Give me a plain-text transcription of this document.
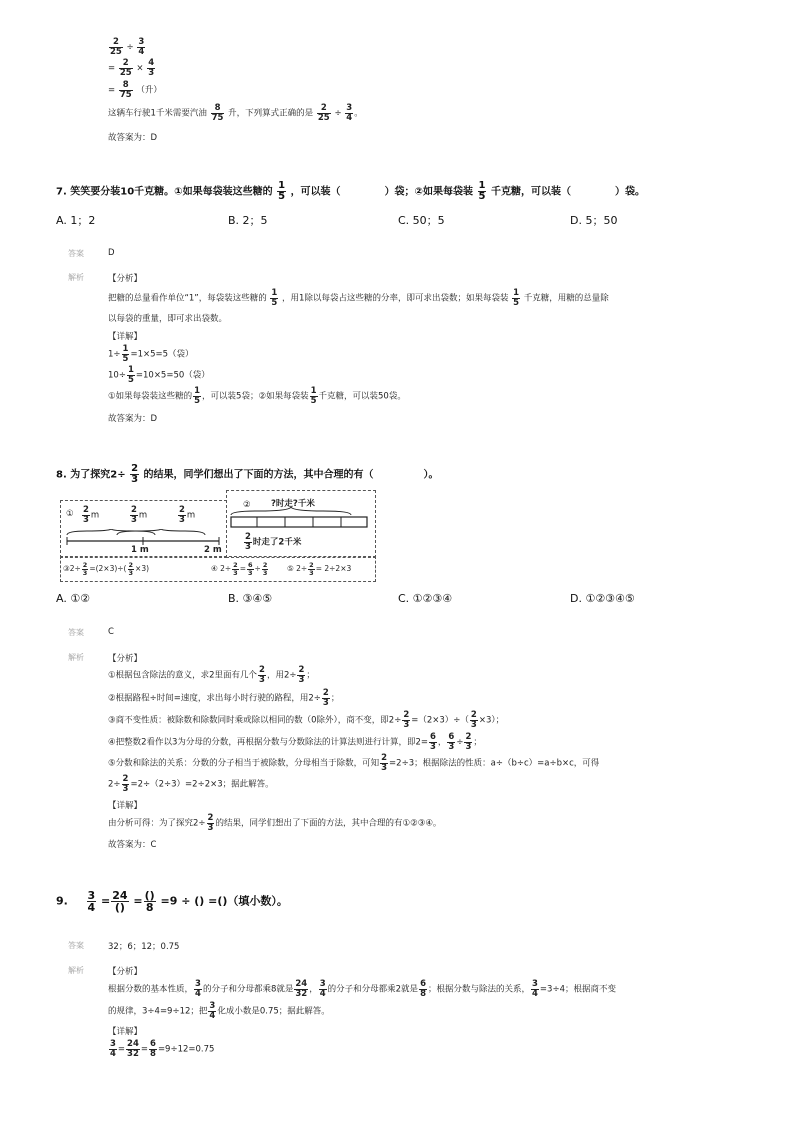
$\frac{2}{25} \div \frac{3}{4}$
= $\frac{2}{25} \times \frac{4}{3}$
= $\frac{8}{75}$ （升）
这辆车行驶1千米需要汽油 $\frac{8}{75}$ 升，下列算式正确的是 $\frac{2}{25} \div \frac{3}{4}$ 。
故答案为：D
7. 笑笑要分装10千克糖。①如果每袋装这些糖的 $\frac{1}{5}$ ，可以装（	）袋；②如果每袋装 $\frac{1}{5}$ 千克糖，可以装（	）袋。
A. 1；2	B. 2；5	C. 50；5	D. 5；50
答案	D
解析	【分析】
把糖的总量看作单位“1”，每袋装这些糖的 $\frac{1}{5}$ ，用1除以每袋占这些糖的分率，即可求出袋数；如果每袋装 $\frac{1}{5}$ 千克糖，用糖的总量除
以每袋的重量，即可求出袋数。
【详解】
$1\div \frac{1}{5} =1\times 5=5$（袋）
$10\div \frac{1}{5} =10\times 5=50$（袋）
①如果每袋装这些糖的 $\frac{1}{5}$ ，可以装5袋；②如果每袋装 $\frac{1}{5}$ 千克糖，可以装50袋。
故答案为：D
8. 为了探究$2\div \frac{2}{3}$ 的结果，同学们想出了下面的方法，其中合理的有（	）。
① $\frac{2}{3}$ m	$\frac{2}{3}$ m	$\frac{2}{3}$ m
1 m	2 m
② ?时走?千米
$\frac{2}{3}$ 时走了2千米
③2÷ $\frac{2}{3} =(2\times 3)\div( \frac{2}{3} \times 3)$	④ $2\div \frac{2}{3} = \frac{6}{3} \div \frac{2}{3}$ ⑤ $2\div \frac{2}{3} = 2\div 2\times 3$
A. ①②	B. ③④⑤	C. ①②③④	D. ①②③④⑤
答案	C
解析	【分析】
①根据包含除法的意义，求2里面有几个 $\frac{2}{3}$ ，用$2\div \frac{2}{3}$ ；
②根据路程÷时间=速度，求出每小时行驶的路程，用$2\div \frac{2}{3}$ ；
③商不变性质：被除数和除数同时乘或除以相同的数（0除外），商不变，即$2\div \frac{2}{3} =(2\times 3)\div( \frac{2}{3} \times 3)$；
④把整数2看作以3为分母的分数，再根据分数与分数除法的计算法则进行计算，即$2= \frac{6}{3}$ ， $\frac{6}{3} \div \frac{2}{3}$ ；
⑤分数和除法的关系：分数的分子相当于被除数，分母相当于除数，可知 $\frac{2}{3} =2\div 3$；根据除法的性质：a÷（b÷c）=a÷b×c，可得
$2\div \frac{2}{3} =2\div(2\div 3)=2\div 2\times 3$；据此解答。
【详解】
由分析可得：为了探究$2\div \frac{2}{3}$ 的结果，同学们想出了下面的方法，其中合理的有①②③④。
故答案为：C
9. $\frac{3}{4} = \frac{24}{()} = \frac{()}{8} =9$ ÷ () =()（填小数）。
答案	32；6；12；0.75
解析	【分析】
根据分数的基本性质， $\frac{3}{4}$ 的分子和分母都乘8就是 $\frac{24}{32}$ ， $\frac{3}{4}$ 的分子和分母都乘2就是 $\frac{6}{8}$ ；根据分数与除法的关系， $\frac{3}{4} =3\div 4$；根据商不变
的规律，3÷4=9÷12；把 $\frac{3}{4}$ 化成小数是0.75；据此解答。
【详解】
$\frac{3}{4} = \frac{24}{32} = \frac{6}{8} =9\div 12=0.75$
